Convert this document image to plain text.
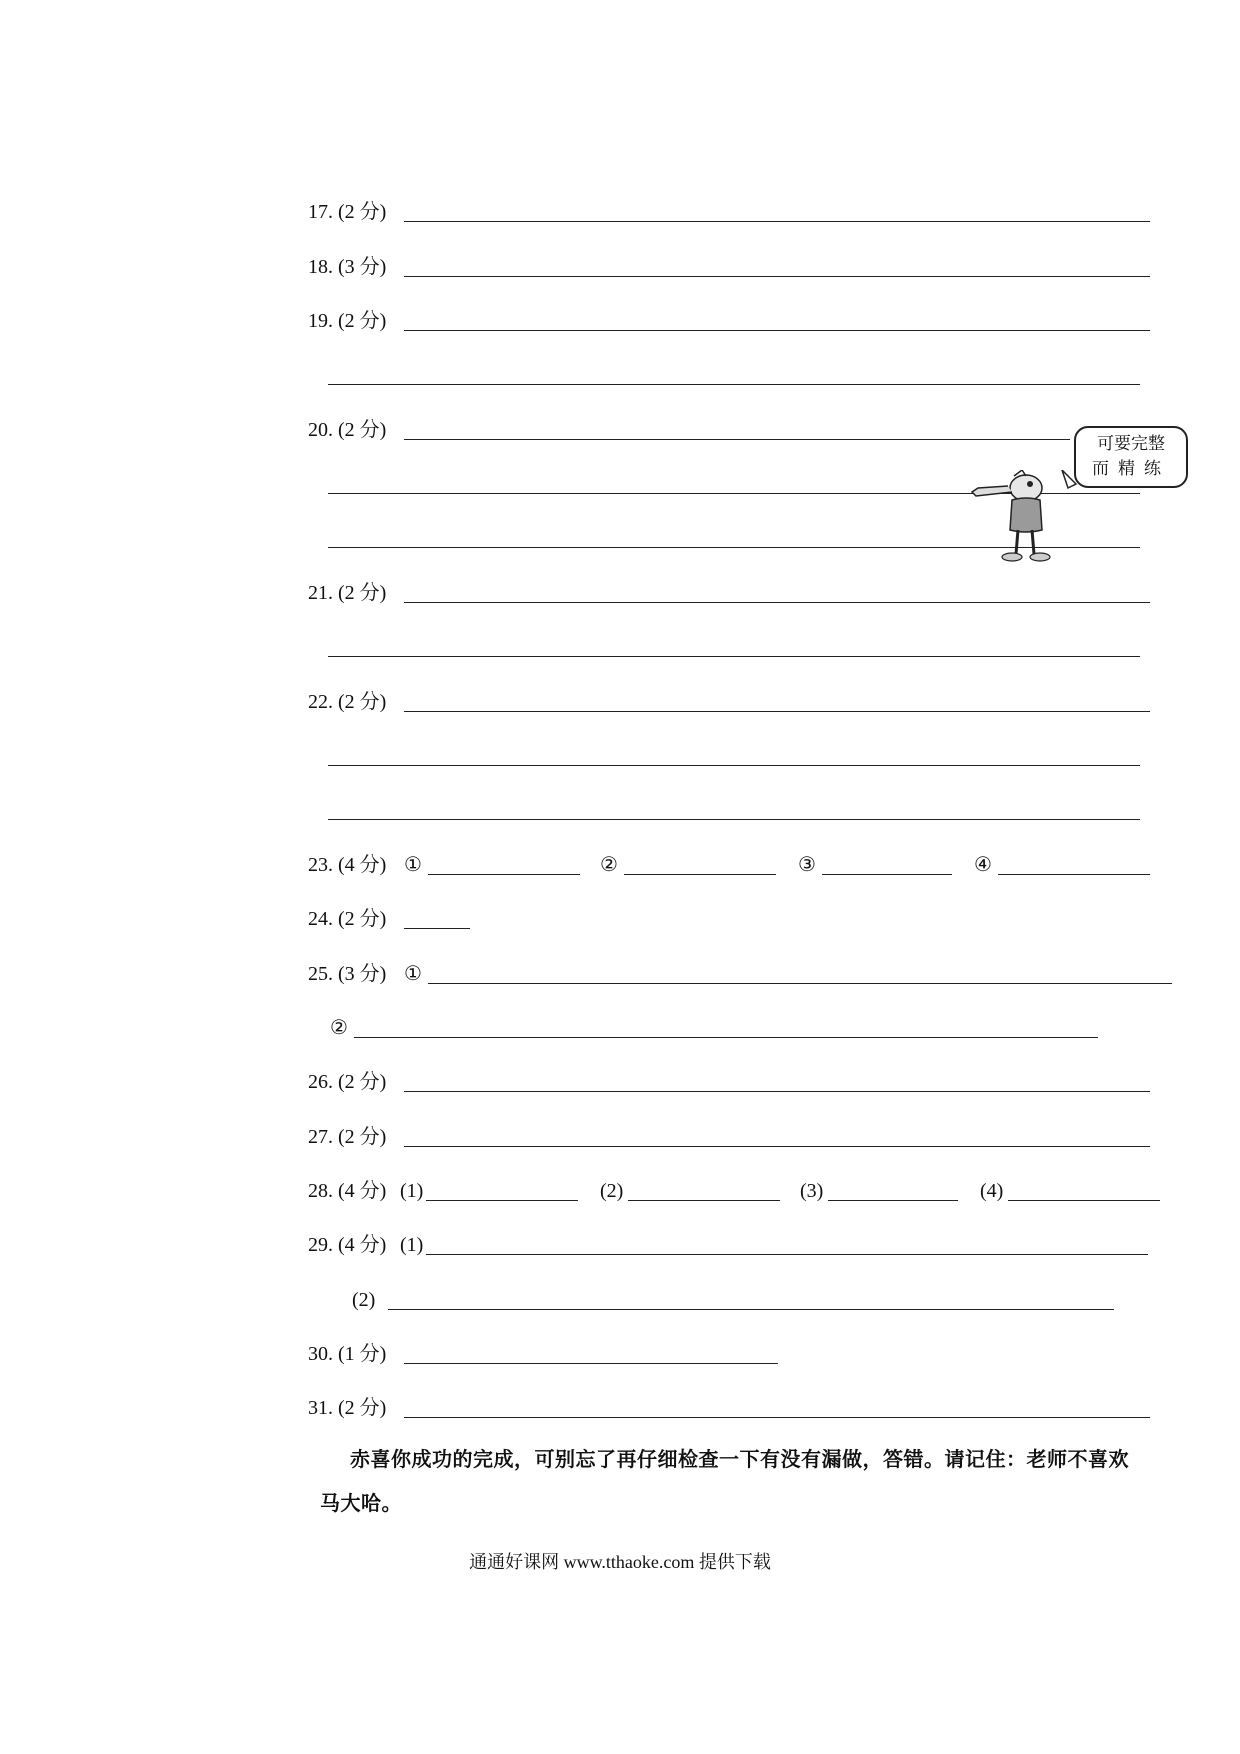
17. (2 分)
18. (3 分)
19. (2 分)
20. (2 分)
可要完整
而精练
21. (2 分)
22. (2 分)
23. (4 分) ①	②	③	④
24. (2 分)
25. (3 分) ①
②
26. (2 分)
27. (2 分)
28. (4 分) (1)	(2)	(3)	(4)
29. (4 分) (1)
(2)
30. (1 分)
31. (2 分)
赤喜你成功的完成，可别忘了再仔细检查一下有没有漏做，答错。请记住：老师不喜欢
马大哈。
通通好课网 www.tthaoke.com 提供下载
